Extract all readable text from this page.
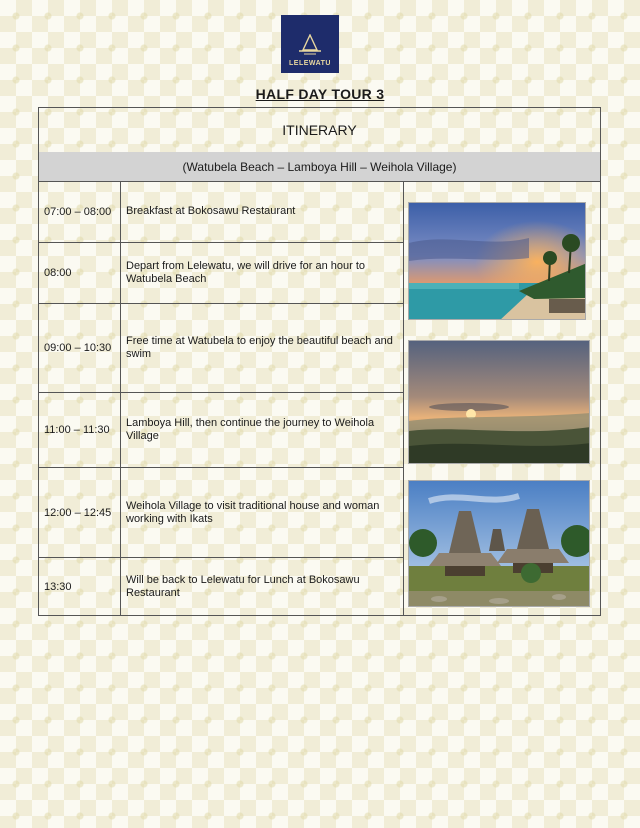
LELEWATU
HALF DAY TOUR 3
ITINERARY
(Watubela Beach – Lamboya Hill – Weihola Village)
07:00 – 08:00	Breakfast at Bokosawu Restaurant
08:00
Depart from Lelewatu, we will drive for an hour to Watubela Beach
09:00 – 10:30
Free time at Watubela to enjoy the beautiful beach and swim
11:00 – 11:30
Lamboya Hill, then continue the journey to Weihola Village
12:00 – 12:45
Weihola Village to visit traditional house and woman working with Ikats
13:30
Will be back to Lelewatu for Lunch at Bokosawu Restaurant
